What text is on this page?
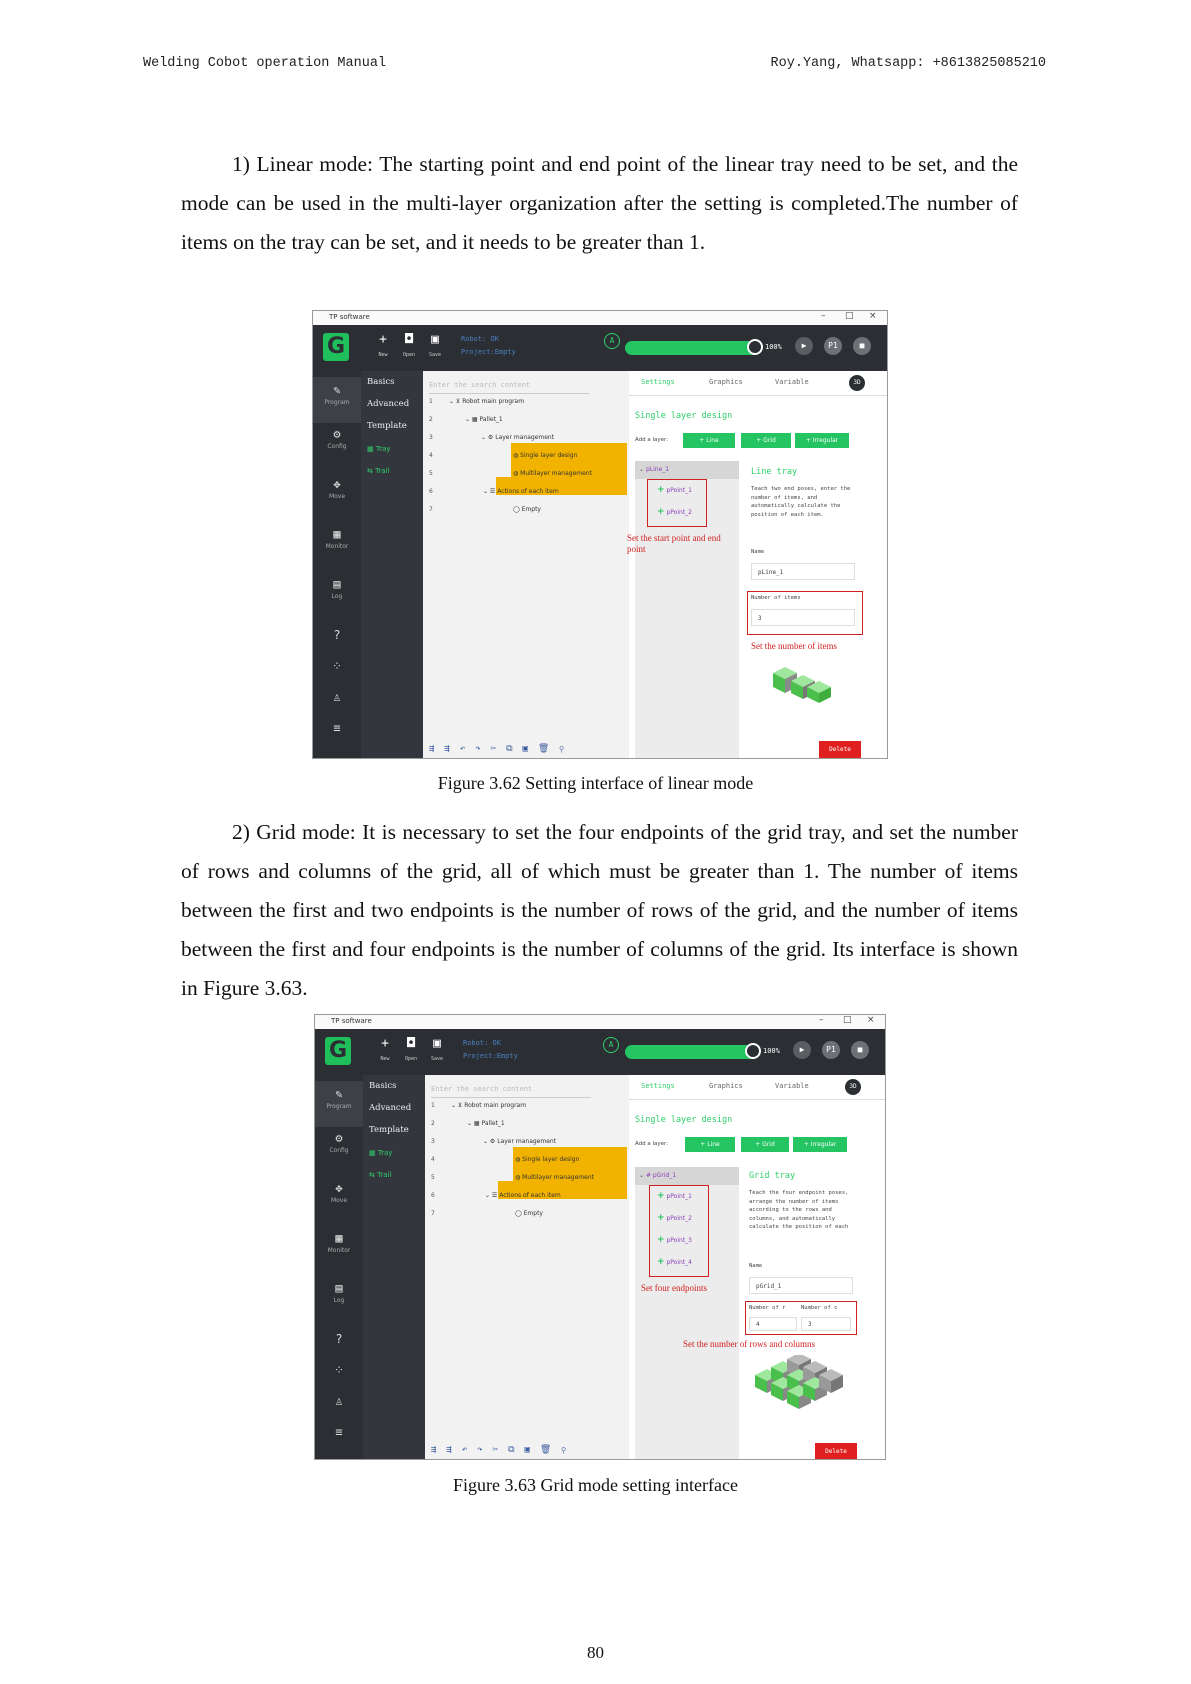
Welding Cobot operation Manual	Roy.Yang, Whatsapp: +8613825085210
1) Linear mode: The starting point and end point of the linear tray need to be set, and the mode can be used in the multi-layer organization after the setting is completed.The number of items on the tray can be set, and it needs to be greater than 1.
TP software	– □ ×
G	+
New
◘
Open
▣
Save
Robot: OK
Project:Empty
A
100%	▶	P1	■
✎
Program
⚙
Config
✥
Move
▦
Monitor
▤
Log
?
⁘
♙
≡
Basics
Advanced
Template
▦ Tray
⇆ Trail
Enter the search content
1	⌄ ⊻ Robot main program
2	⌄ ▦ Pallet_1
3	⌄ ⚙ Layer management
4	◍ Single layer design
5	◍ Multilayer management
6	⌄ ☰ Actions of each item
7	◯ Empty
⇶⇶↶↷✂⧉▣🗑⚲
Settings	Graphics	Variable	3D
Single layer design
Add a layer:	+ Line	+ Grid	+ Irregular
⌄ pLine_1
+ pPoint_1
+ pPoint_2
Set the start point and end point
Line tray
Teach two end poses, enter the number of items, and automatically calculate the position of each item.
Name
pLine_1
Number of items
3
Set the number of items
Delete
Figure 3.62 Setting interface of linear mode
2) Grid mode: It is necessary to set the four endpoints of the grid tray, and set the number of rows and columns of the grid, all of which must be greater than 1. The number of items between the first and two endpoints is the number of rows of the grid, and the number of items between the first and four endpoints is the number of columns of the grid. Its interface is shown in Figure 3.63.
TP software	– □ ×
G	+
New
◘
Open
▣
Save
Robot: OK
Project:Empty
A
100%	▶	P1	■
✎
Program
⚙
Config
✥
Move
▦
Monitor
▤
Log
?
⁘
♙
≡
Basics
Advanced
Template
▦ Tray
⇆ Trail
Enter the search content
1	⌄ ⊻ Robot main program
2	⌄ ▦ Pallet_1
3	⌄ ⚙ Layer management
4	◍ Single layer design
5	◍ Multilayer management
6	⌄ ☰ Actions of each item
7	◯ Empty
⇶⇶↶↷✂⧉▣🗑⚲
Settings	Graphics	Variable	3D
Single layer design
Add a layer:	+ Line	+ Grid	+ Irregular
⌄ # pGrid_1
+ pPoint_1
+ pPoint_2
+ pPoint_3
+ pPoint_4
Set four endpoints
Grid tray
Teach the four endpoint poses, arrange the number of items according to the rows and columns, and automatically calculate the position of each
Name
pGrid_1
Number of r	Number of c
4	3
Set the number of rows and columns
Delete
Figure 3.63 Grid mode setting interface
80
